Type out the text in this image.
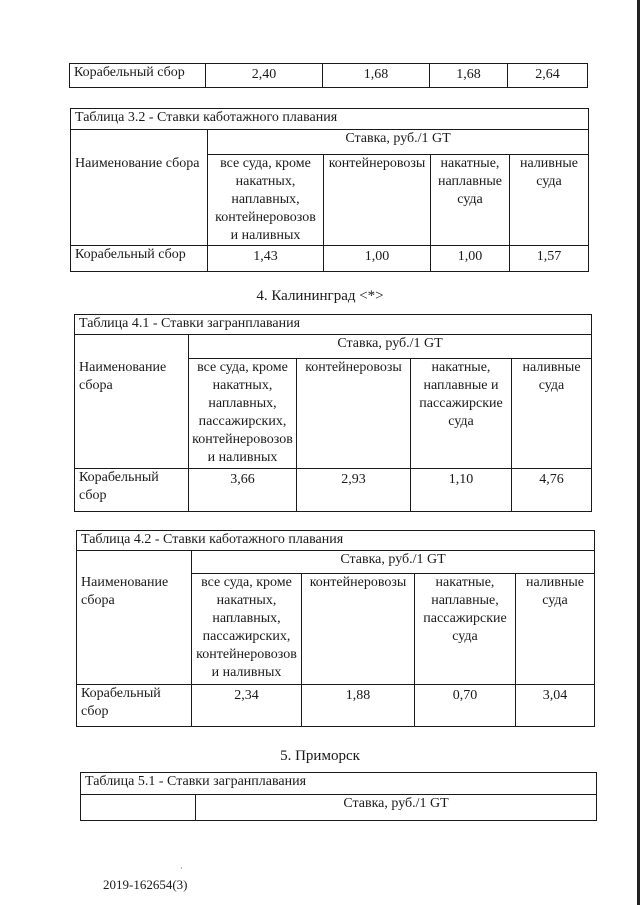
Корабельный сбор	2,40	1,68	1,68	2,64
Таблица 3.2 - Ставки каботажного плавания				
	Ставка, руб./1 GT			
Наименование сбора	все суда, кроме накатных, наплавных, контейнеровозов и наливных	контейнеровозы	накатные, наплавные суда	наливные суда
Корабельный сбор	1,43	1,00	1,00	1,57
4. Калининград <*>
Таблица 4.1 - Ставки загранплавания				
	Ставка, руб./1 GT			
Наименование сбора	все суда, кроме накатных, наплавных, пассажирских, контейнеровозов и наливных	контейнеровозы	накатные, наплавные и пассажирские суда	наливные суда
Корабельный сбор	3,66	2,93	1,10	4,76
Таблица 4.2 - Ставки каботажного плавания				
	Ставка, руб./1 GT			
Наименование сбора	все суда, кроме накатных, наплавных, пассажирских, контейнеровозов и наливных	контейнеровозы	накатные, наплавные, пассажирские суда	наливные суда
Корабельный сбор	2,34	1,88	0,70	3,04
5. Приморск
Таблица 5.1 - Ставки загранплавания
	Ставка, руб./1 GT
·
2019-162654(3)
